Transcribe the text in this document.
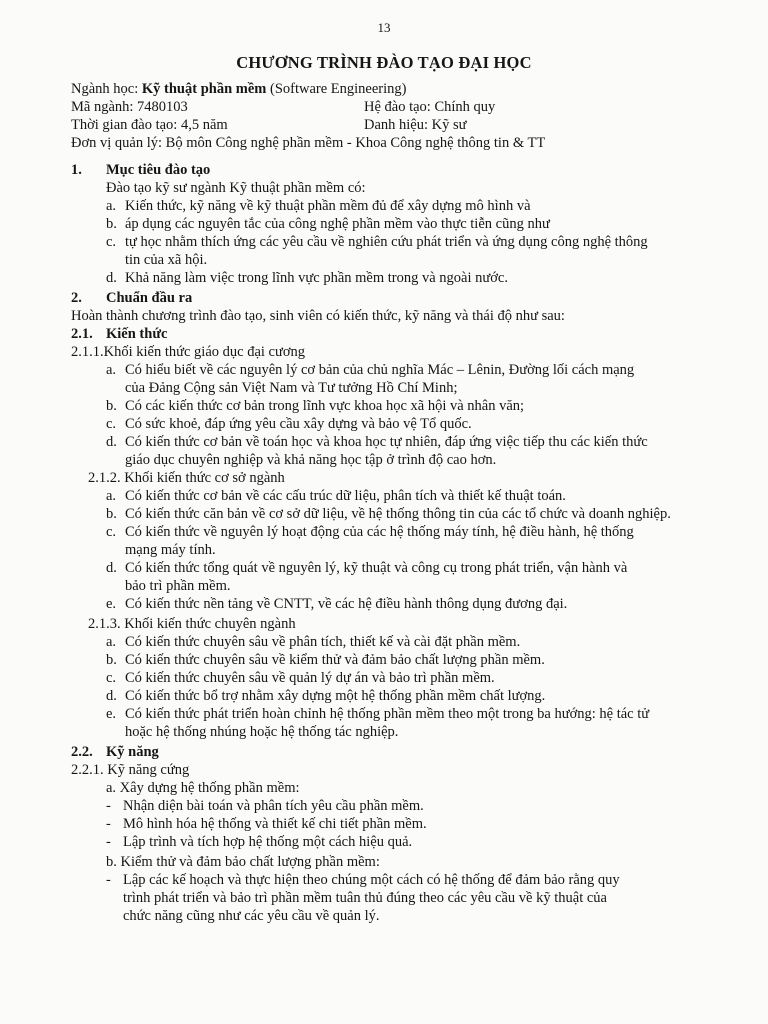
13
CHƯƠNG TRÌNH ĐÀO TẠO ĐẠI HỌC
Ngành học: Kỹ thuật phần mềm (Software Engineering)
Mã ngành: 7480103	Hệ đào tạo: Chính quy
Thời gian đào tạo: 4,5 năm	Danh hiệu: Kỹ sư
Đơn vị quản lý: Bộ môn Công nghệ phần mềm - Khoa Công nghệ thông tin & TT
1. Mục tiêu đào tạo
Đào tạo kỹ sư ngành Kỹ thuật phần mềm có:
a. Kiến thức, kỹ năng về kỹ thuật phần mềm đủ để xây dựng mô hình và
b. áp dụng các nguyên tắc của công nghệ phần mềm vào thực tiễn cũng như
c. tự học nhằm thích ứng các yêu cầu về nghiên cứu phát triển và ứng dụng công nghệ thông
tin của xã hội.
d. Khả năng làm việc trong lĩnh vực phần mềm trong và ngoài nước.
2. Chuẩn đầu ra
Hoàn thành chương trình đào tạo, sinh viên có kiến thức, kỹ năng và thái độ như sau:
2.1. Kiến thức
2.1.1.Khối kiến thức giáo dục đại cương
a. Có hiểu biết về các nguyên lý cơ bản của chủ nghĩa Mác – Lênin, Đường lối cách mạng
của Đảng Cộng sản Việt Nam và Tư tưởng Hồ Chí Minh;
b. Có các kiến thức cơ bản trong lĩnh vực khoa học xã hội và nhân văn;
c. Có sức khoẻ, đáp ứng yêu cầu xây dựng và bảo vệ Tổ quốc.
d. Có kiến thức cơ bản về toán học và khoa học tự nhiên, đáp ứng việc tiếp thu các kiến thức
giáo dục chuyên nghiệp và khả năng học tập ở trình độ cao hơn.
2.1.2. Khối kiến thức cơ sở ngành
a. Có kiến thức cơ bản về các cấu trúc dữ liệu, phân tích và thiết kế thuật toán.
b. Có kiến thức căn bản về cơ sở dữ liệu, về hệ thống thông tin của các tổ chức và doanh nghiệp.
c. Có kiến thức về nguyên lý hoạt động của các hệ thống máy tính, hệ điều hành, hệ thống
mạng máy tính.
d. Có kiến thức tổng quát về nguyên lý, kỹ thuật và công cụ trong phát triển, vận hành và
bảo trì phần mềm.
e. Có kiến thức nền tảng về CNTT, về các hệ điều hành thông dụng đương đại.
2.1.3. Khối kiến thức chuyên ngành
a. Có kiến thức chuyên sâu về phân tích, thiết kế và cài đặt phần mềm.
b. Có kiến thức chuyên sâu về kiểm thử và đảm bảo chất lượng phần mềm.
c. Có kiến thức chuyên sâu về quản lý dự án và bảo trì phần mềm.
d. Có kiến thức bổ trợ nhằm xây dựng một hệ thống phần mềm chất lượng.
e. Có kiến thức phát triển hoàn chỉnh hệ thống phần mềm theo một trong ba hướng: hệ tác tử
hoặc hệ thống nhúng hoặc hệ thống tác nghiệp.
2.2. Kỹ năng
2.2.1. Kỹ năng cứng
a. Xây dựng hệ thống phần mềm:
- Nhận diện bài toán và phân tích yêu cầu phần mềm.
- Mô hình hóa hệ thống và thiết kế chi tiết phần mềm.
- Lập trình và tích hợp hệ thống một cách hiệu quả.
b. Kiểm thử và đảm bảo chất lượng phần mềm:
- Lập các kế hoạch và thực hiện theo chúng một cách có hệ thống để đảm bảo rằng quy
trình phát triển và bảo trì phần mềm tuân thủ đúng theo các yêu cầu về kỹ thuật của
chức năng cũng như các yêu cầu về quản lý.
